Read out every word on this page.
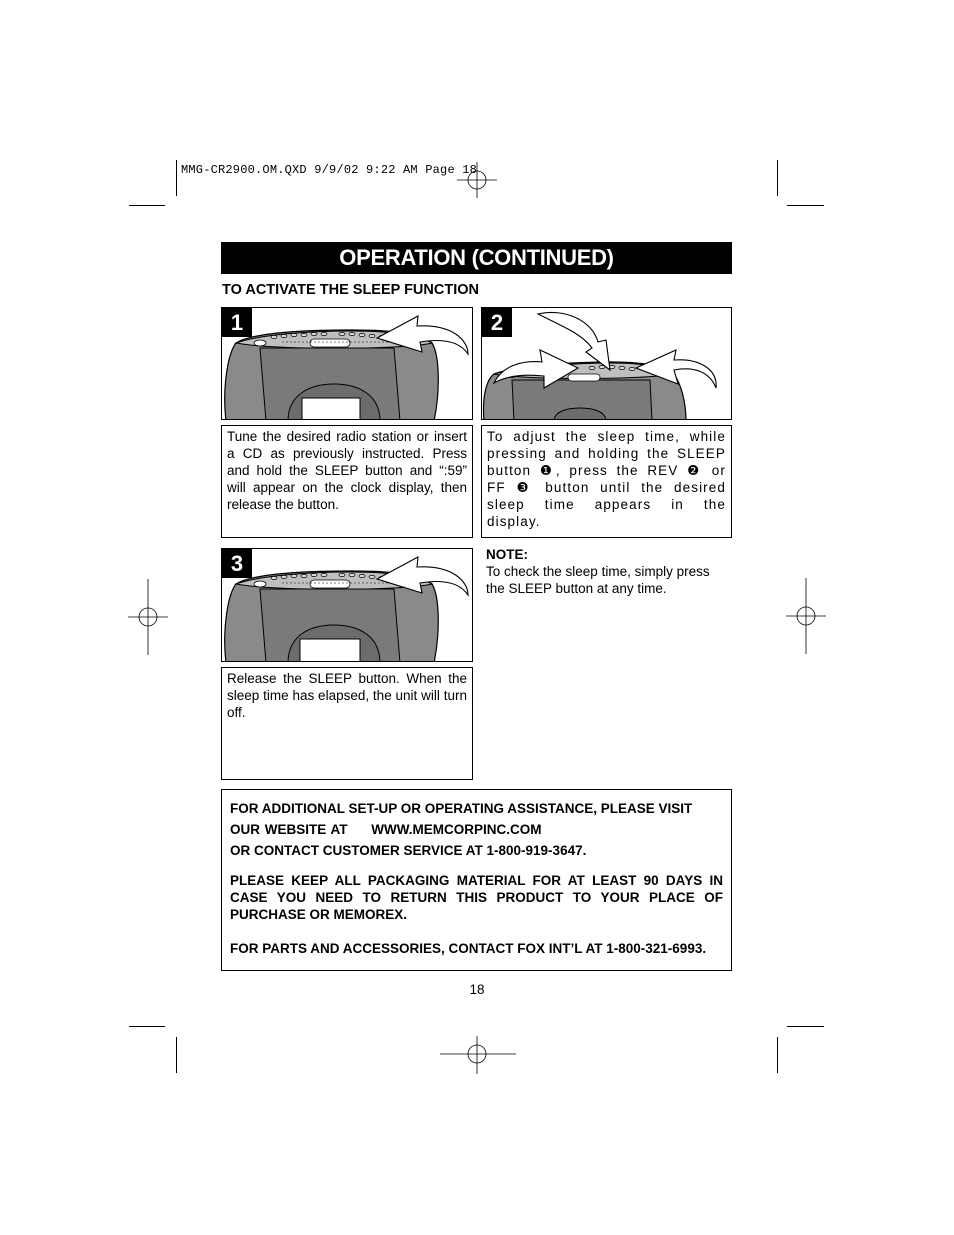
MMG-CR2900.OM.QXD 9/9/02 9:22 AM Page 18
OPERATION (CONTINUED)
TO ACTIVATE THE SLEEP FUNCTION
1	2
Tune the desired radio station or insert a CD as previously instructed. Press and hold the SLEEP button and “:59” will appear on the clock display, then release the button.
To adjust the sleep time, while pressing and holding the SLEEP button ❶, press the REV ❷ or FF ❸ button until the desired sleep time appears in the display.
3	NOTE:
To check the sleep time, simply press the SLEEP button at any time.
Release the SLEEP button. When the sleep time has elapsed, the unit will turn off.

FOR ADDITIONAL SET-UP OR OPERATING ASSISTANCE, PLEASE VISIT

OUR WEBSITE AT     WWW.MEMCORPINC.COM

OR CONTACT CUSTOMER SERVICE AT 1-800-919-3647.

PLEASE KEEP ALL PACKAGING MATERIAL FOR AT LEAST 90 DAYS IN CASE YOU NEED TO RETURN THIS PRODUCT TO YOUR PLACE OF PURCHASE OR MEMOREX.

FOR PARTS AND ACCESSORIES, CONTACT FOX INT’L AT 1-800-321-6993.

18
